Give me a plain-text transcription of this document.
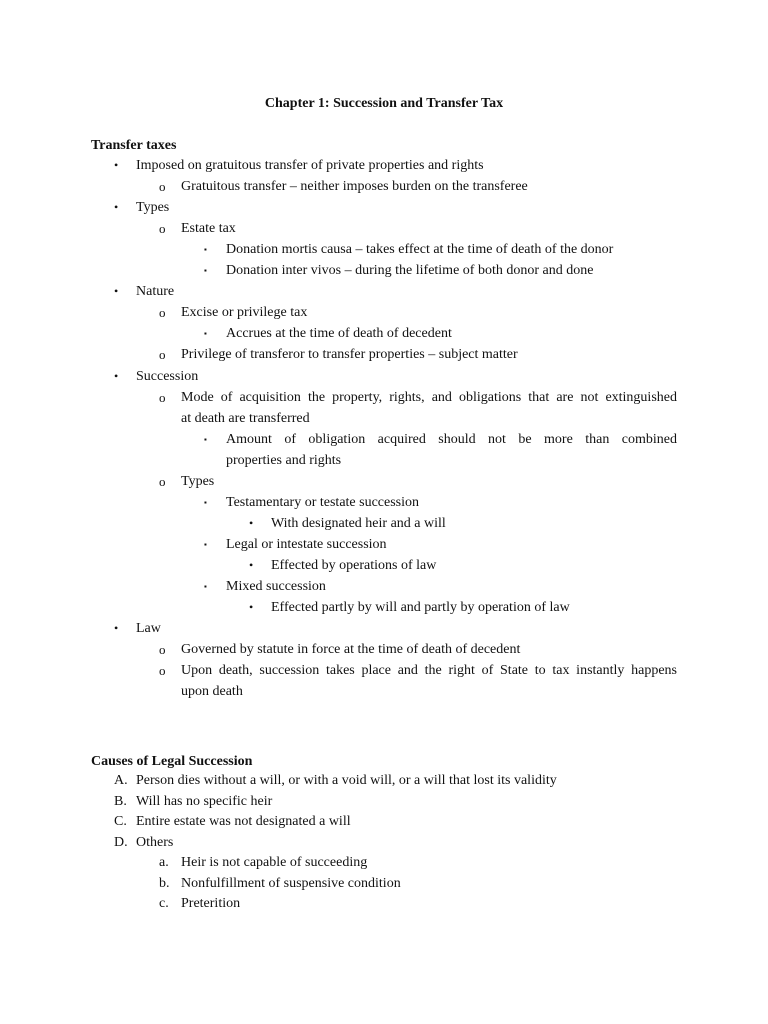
Chapter 1: Succession and Transfer Tax
Transfer taxes
• Imposed on gratuitous transfer of private properties and rights
o Gratuitous transfer – neither imposes burden on the transferee
• Types
o Estate tax
▪ Donation mortis causa – takes effect at the time of death of the donor
▪ Donation inter vivos – during the lifetime of both donor and done
• Nature
o Excise or privilege tax
▪ Accrues at the time of death of decedent
o Privilege of transferor to transfer properties – subject matter
• Succession
o Mode of acquisition the property, rights, and obligations that are not extinguished
at death are transferred
▪ Amount of obligation acquired should not be more than combined
properties and rights
o Types
▪ Testamentary or testate succession
• With designated heir and a will
▪ Legal or intestate succession
• Effected by operations of law
▪ Mixed succession
• Effected partly by will and partly by operation of law
• Law
o Governed by statute in force at the time of death of decedent
o Upon death, succession takes place and the right of State to tax instantly happens
upon death
Causes of Legal Succession
A. Person dies without a will, or with a void will, or a will that lost its validity
B. Will has no specific heir
C. Entire estate was not designated a will
D. Others
a. Heir is not capable of succeeding
b. Nonfulfillment of suspensive condition
c. Preterition
